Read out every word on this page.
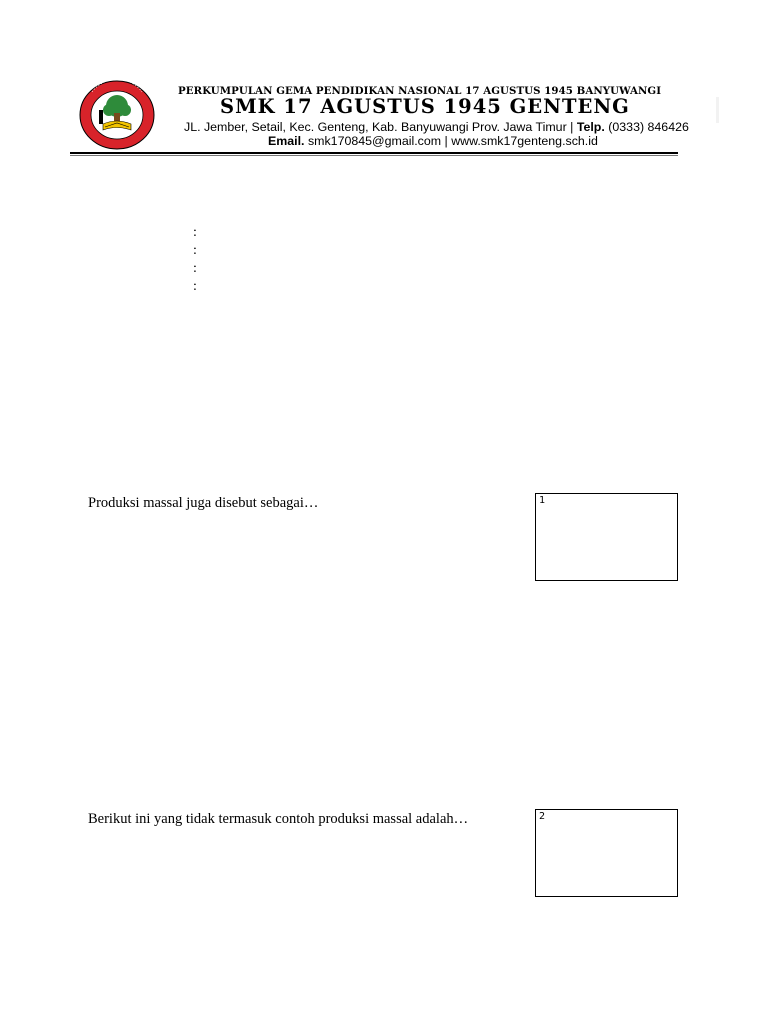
PERKUMPULAN GEMA PENDIDIKAN NASIONAL 17 AGUSTUS 1945 BANYUWANGI
SMK 17 AGUSTUS 1945 GENTENG
JL. Jember, Setail, Kec. Genteng, Kab. Banyuwangi Prov. Jawa Timur | Telp. (0333) 846426
Email. smk170845@gmail.com | www.smk17genteng.sch.id
:
:
:
:
Produksi massal juga disebut sebagai…	1
Berikut ini yang tidak termasuk contoh produksi massal adalah…	2
